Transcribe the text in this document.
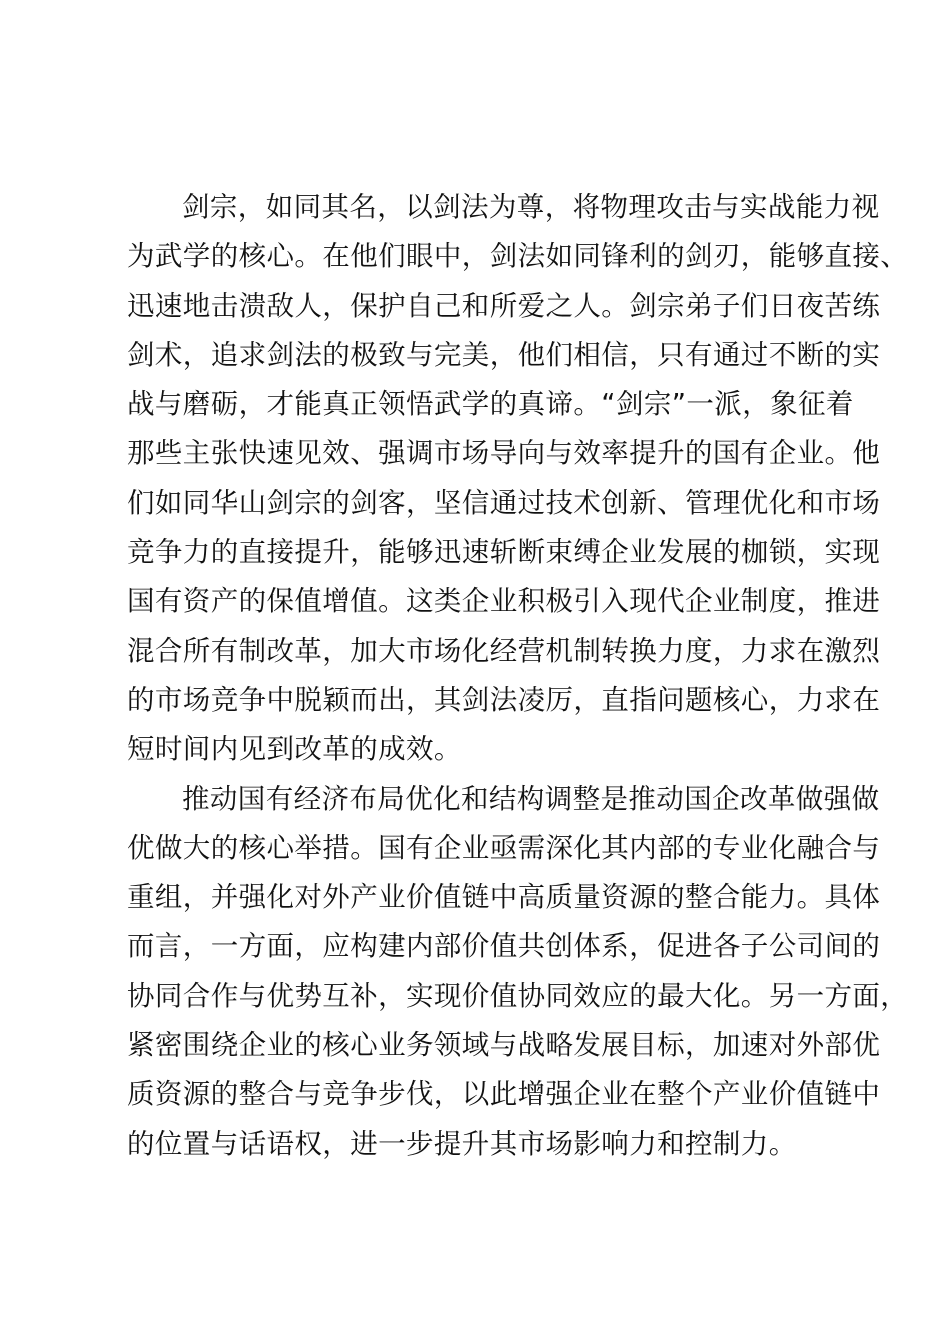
剑宗，如同其名，以剑法为尊，将物理攻击与实战能力视
为武学的核心。在他们眼中，剑法如同锋利的剑刃，能够直接、
迅速地击溃敌人，保护自己和所爱之人。剑宗弟子们日夜苦练
剑术，追求剑法的极致与完美，他们相信，只有通过不断的实
战与磨砺，才能真正领悟武学的真谛。“剑宗”一派，象征着
那些主张快速见效、强调市场导向与效率提升的国有企业。他
们如同华山剑宗的剑客，坚信通过技术创新、管理优化和市场
竞争力的直接提升，能够迅速斩断束缚企业发展的枷锁，实现
国有资产的保值增值。这类企业积极引入现代企业制度，推进
混合所有制改革，加大市场化经营机制转换力度，力求在激烈
的市场竞争中脱颖而出，其剑法凌厉，直指问题核心，力求在
短时间内见到改革的成效。

推动国有经济布局优化和结构调整是推动国企改革做强做
优做大的核心举措。国有企业亟需深化其内部的专业化融合与
重组，并强化对外产业价值链中高质量资源的整合能力。具体
而言，一方面，应构建内部价值共创体系，促进各子公司间的
协同合作与优势互补，实现价值协同效应的最大化。另一方面，
紧密围绕企业的核心业务领域与战略发展目标，加速对外部优
质资源的整合与竞争步伐，以此增强企业在整个产业价值链中
的位置与话语权，进一步提升其市场影响力和控制力。
